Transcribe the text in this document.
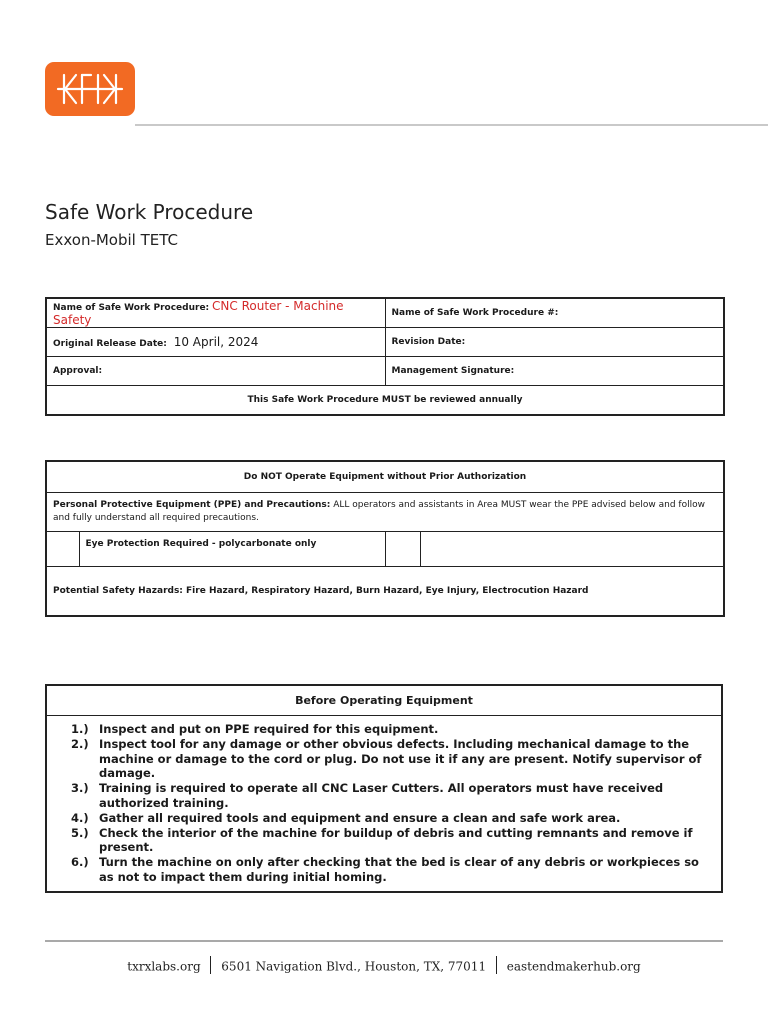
Safe Work Procedure
Exxon-Mobil TETC
Name of Safe Work Procedure: CNC Router - Machine Safety	Name of Safe Work Procedure #:
Original Release Date: 10 April, 2024	Revision Date:
Approval:	Management Signature:
This Safe Work Procedure MUST be reviewed annually	
Do NOT Operate Equipment without Prior Authorization
Personal Protective Equipment (PPE) and Precautions: ALL operators and assistants in Area MUST wear the PPE advised below and follow and fully understand all required precautions.
	Eye Protection Required - polycarbonate only		
Potential Safety Hazards: Fire Hazard, Respiratory Hazard, Burn Hazard, Eye Injury, Electrocution Hazard
Before Operating Equipment

1.) Inspect and put on PPE required for this equipment.
2.) Inspect tool for any damage or other obvious defects. Including mechanical damage to the machine or damage to the cord or plug. Do not use it if any are present. Notify supervisor of damage.
3.) Training is required to operate all CNC Laser Cutters. All operators must have received authorized training.
4.) Gather all required tools and equipment and ensure a clean and safe work area.
5.) Check the interior of the machine for buildup of debris and cutting remnants and remove if present.
6.) Turn the machine on only after checking that the bed is clear of any debris or workpieces so as not to impact them during initial homing.
txrxlabs.org 6501 Navigation Blvd., Houston, TX, 77011 eastendmakerhub.org
